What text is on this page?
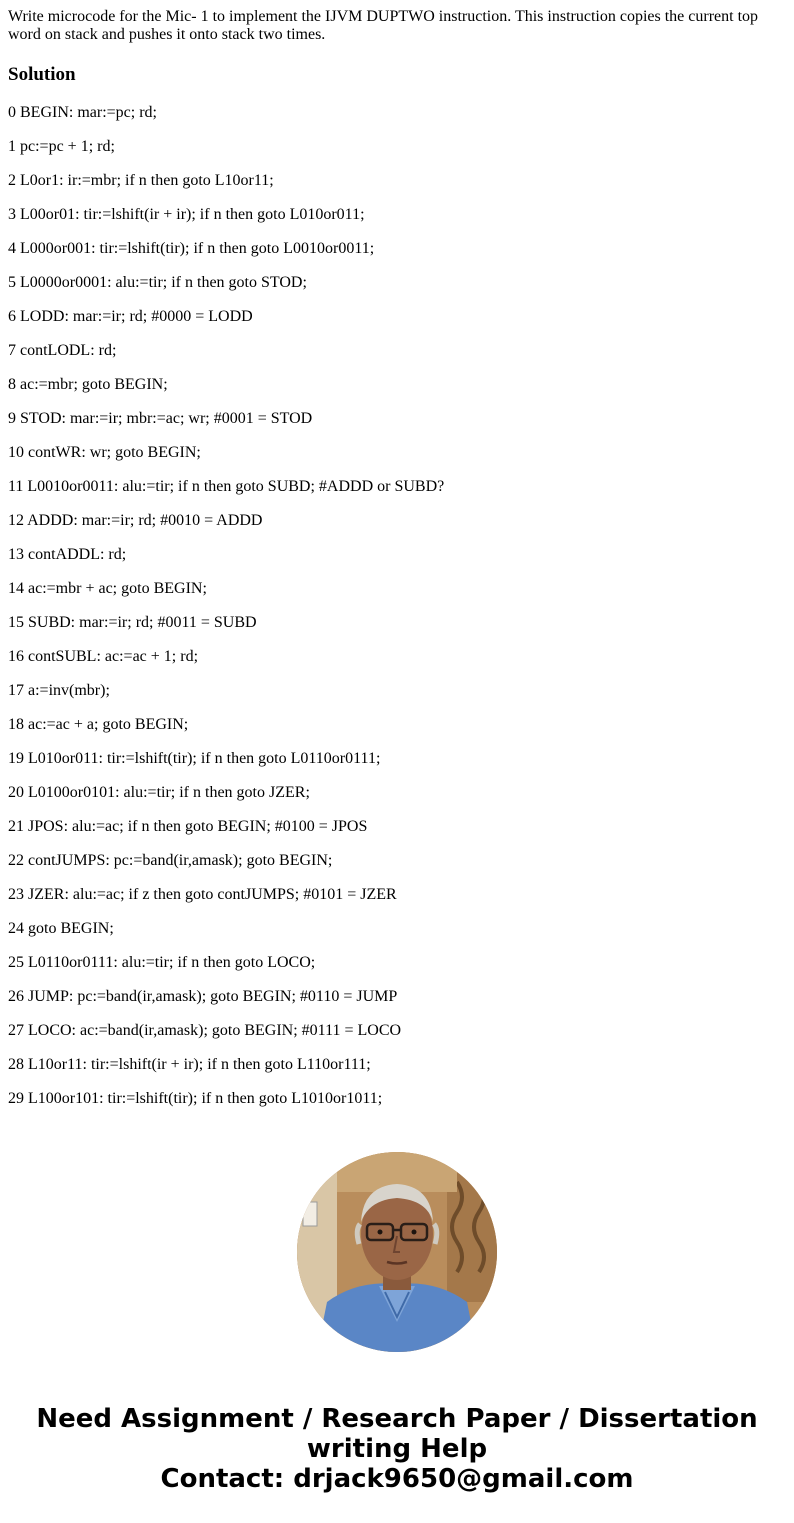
Write microcode for the Mic- 1 to implement the IJVM DUPTWO instruction. This instruction copies the current top word on stack and pushes it onto stack two times.

Solution
0 BEGIN: mar:=pc; rd;
1 pc:=pc + 1; rd;
2 L0or1: ir:=mbr; if n then goto L10or11;
3 L00or01: tir:=lshift(ir + ir); if n then goto L010or011;
4 L000or001: tir:=lshift(tir); if n then goto L0010or0011;
5 L0000or0001: alu:=tir; if n then goto STOD;
6 LODD: mar:=ir; rd; #0000 = LODD
7 contLODL: rd;
8 ac:=mbr; goto BEGIN;
9 STOD: mar:=ir; mbr:=ac; wr; #0001 = STOD
10 contWR: wr; goto BEGIN;
11 L0010or0011: alu:=tir; if n then goto SUBD; #ADDD or SUBD?
12 ADDD: mar:=ir; rd; #0010 = ADDD
13 contADDL: rd;
14 ac:=mbr + ac; goto BEGIN;
15 SUBD: mar:=ir; rd; #0011 = SUBD
16 contSUBL: ac:=ac + 1; rd;
17 a:=inv(mbr);
18 ac:=ac + a; goto BEGIN;
19 L010or011: tir:=lshift(tir); if n then goto L0110or0111;
20 L0100or0101: alu:=tir; if n then goto JZER;
21 JPOS: alu:=ac; if n then goto BEGIN; #0100 = JPOS
22 contJUMPS: pc:=band(ir,amask); goto BEGIN;
23 JZER: alu:=ac; if z then goto contJUMPS; #0101 = JZER
24 goto BEGIN;
25 L0110or0111: alu:=tir; if n then goto LOCO;
26 JUMP: pc:=band(ir,amask); goto BEGIN; #0110 = JUMP
27 LOCO: ac:=band(ir,amask); goto BEGIN; #0111 = LOCO
28 L10or11: tir:=lshift(ir + ir); if n then goto L110or111;
29 L100or101: tir:=lshift(tir); if n then goto L1010or1011;
Need Assignment / Research Paper / Dissertation
writing Help
Contact: drjack9650@gmail.com
